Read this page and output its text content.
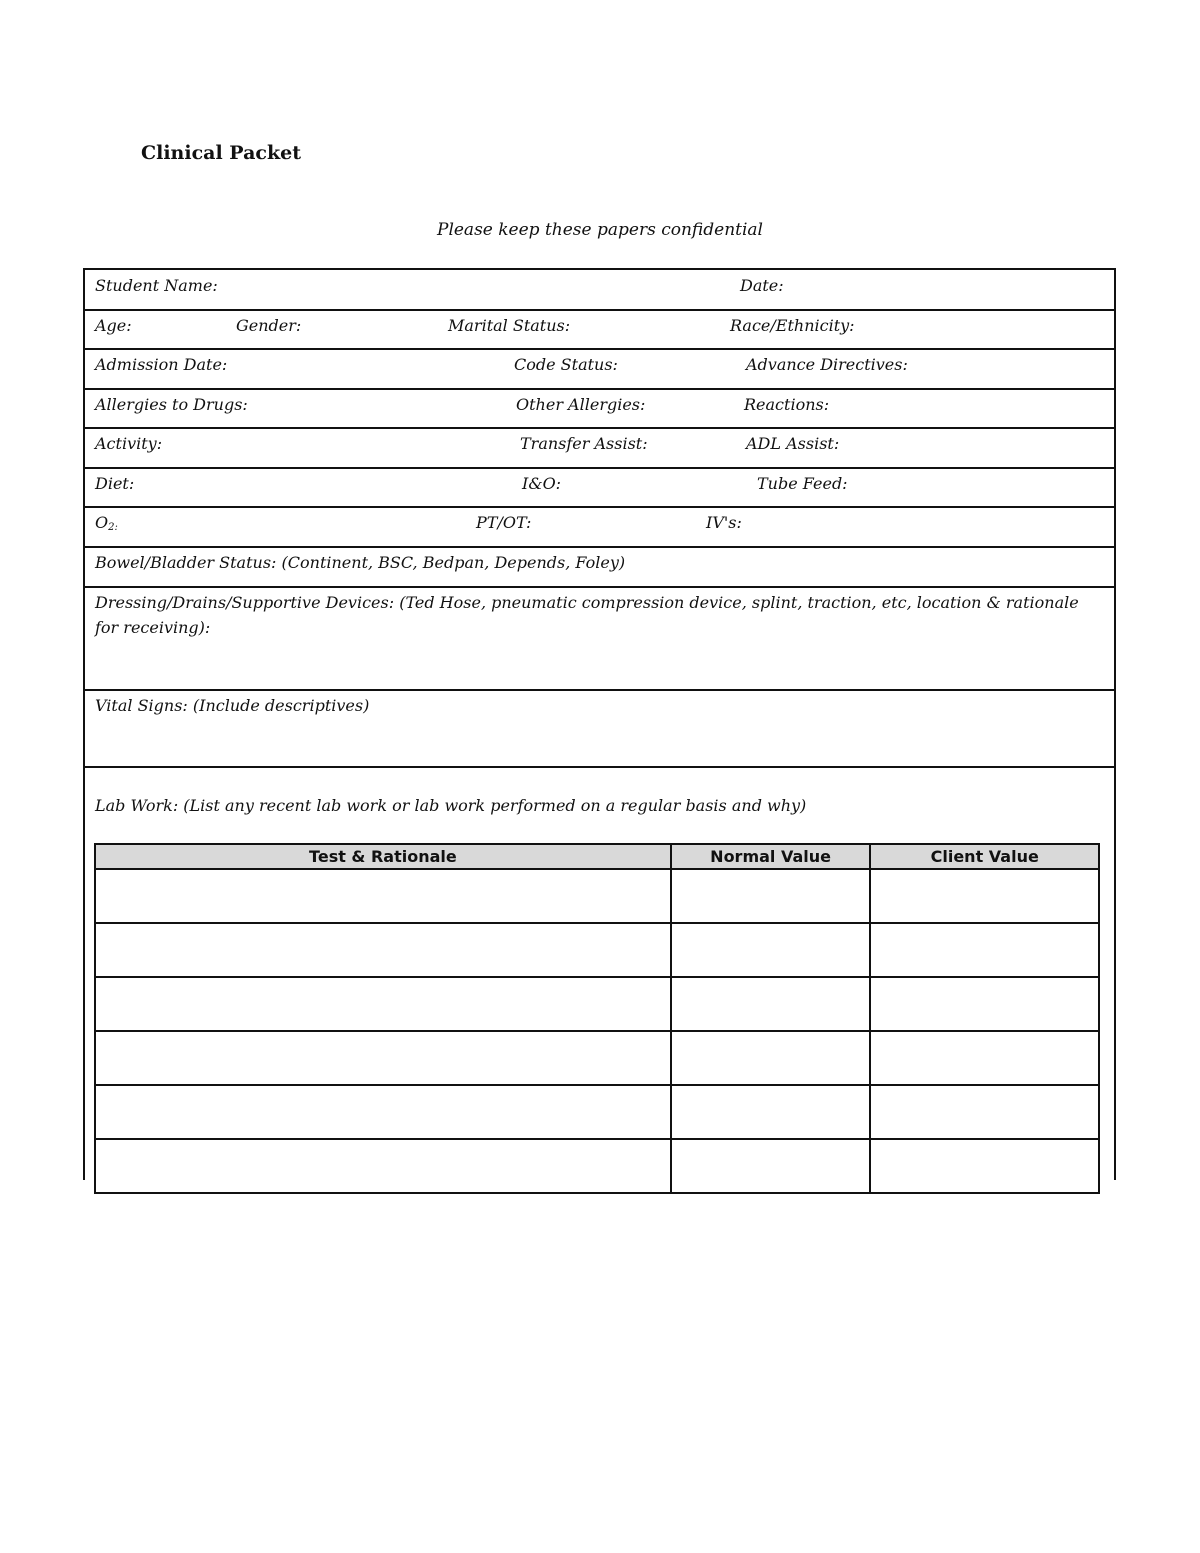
Clinical Packet
Please keep these papers confidential
Student Name:	Date:
Age:	Gender:	Marital Status:	Race/Ethnicity:
Admission Date:	Code Status:	Advance Directives:
Allergies to Drugs:	Other Allergies:	Reactions:
Activity:	Transfer Assist:	ADL Assist:
Diet:	I&O:	Tube Feed:
$O_{2:}$	PT/OT:	IV's:
Bowel/Bladder Status: (Continent, BSC, Bedpan, Depends, Foley)
Dressing/Drains/Supportive Devices: (Ted Hose, pneumatic compression device, splint, traction, etc, location & rationale for receiving):
Vital Signs: (Include descriptives)
Lab Work: (List any recent lab work or lab work performed on a regular basis and why)
Test & Rationale	Normal Value	Client Value
